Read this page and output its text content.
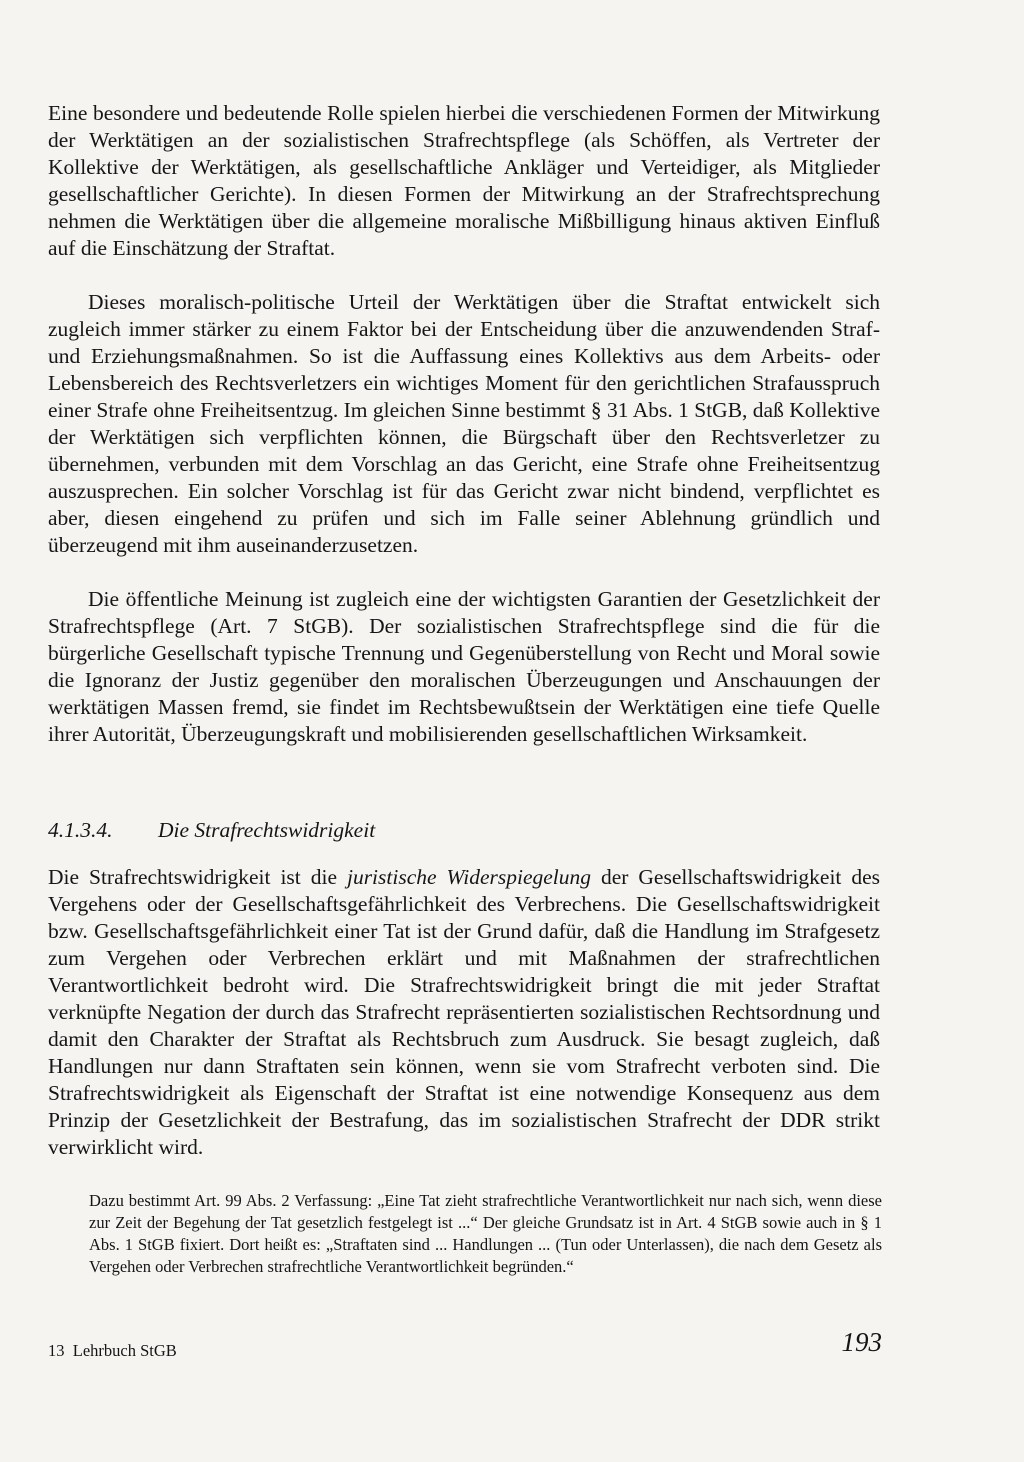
Eine besondere und bedeutende Rolle spielen hierbei die verschiedenen Formen der Mitwirkung der Werktätigen an der sozialistischen Strafrechtspflege (als Schöffen, als Vertreter der Kollektive der Werktätigen, als gesellschaftliche Ankläger und Verteidiger, als Mitglieder gesellschaftlicher Gerichte). In diesen Formen der Mitwirkung an der Strafrechtsprechung nehmen die Werktätigen über die allgemeine moralische Mißbilligung hinaus aktiven Einfluß auf die Einschätzung der Straftat.

Dieses moralisch-politische Urteil der Werktätigen über die Straftat entwickelt sich zugleich immer stärker zu einem Faktor bei der Entscheidung über die anzuwendenden Straf- und Erziehungsmaßnahmen. So ist die Auffassung eines Kollektivs aus dem Arbeits- oder Lebensbereich des Rechtsverletzers ein wichtiges Moment für den gerichtlichen Strafausspruch einer Strafe ohne Freiheitsentzug. Im gleichen Sinne bestimmt § 31 Abs. 1 StGB, daß Kollektive der Werktätigen sich verpflichten können, die Bürgschaft über den Rechtsverletzer zu übernehmen, verbunden mit dem Vorschlag an das Gericht, eine Strafe ohne Freiheitsentzug auszusprechen. Ein solcher Vorschlag ist für das Gericht zwar nicht bindend, verpflichtet es aber, diesen eingehend zu prüfen und sich im Falle seiner Ablehnung gründlich und überzeugend mit ihm auseinanderzusetzen.

Die öffentliche Meinung ist zugleich eine der wichtigsten Garantien der Gesetzlichkeit der Strafrechtspflege (Art. 7 StGB). Der sozialistischen Strafrechtspflege sind die für die bürgerliche Gesellschaft typische Trennung und Gegenüberstellung von Recht und Moral sowie die Ignoranz der Justiz gegenüber den moralischen Überzeugungen und Anschauungen der werktätigen Massen fremd, sie findet im Rechtsbewußtsein der Werktätigen eine tiefe Quelle ihrer Autorität, Überzeugungskraft und mobilisierenden gesellschaftlichen Wirksamkeit.

4.1.3.4. Die Strafrechtswidrigkeit

Die Strafrechtswidrigkeit ist die juristische Widerspiegelung der Gesellschaftswidrigkeit des Vergehens oder der Gesellschaftsgefährlichkeit des Verbrechens. Die Gesellschaftswidrigkeit bzw. Gesellschaftsgefährlichkeit einer Tat ist der Grund dafür, daß die Handlung im Strafgesetz zum Vergehen oder Verbrechen erklärt und mit Maßnahmen der strafrechtlichen Verantwortlichkeit bedroht wird. Die Strafrechtswidrigkeit bringt die mit jeder Straftat verknüpfte Negation der durch das Strafrecht repräsentierten sozialistischen Rechtsordnung und damit den Charakter der Straftat als Rechtsbruch zum Ausdruck. Sie besagt zugleich, daß Handlungen nur dann Straftaten sein können, wenn sie vom Strafrecht verboten sind. Die Strafrechtswidrigkeit als Eigenschaft der Straftat ist eine notwendige Konsequenz aus dem Prinzip der Gesetzlichkeit der Bestrafung, das im sozialistischen Strafrecht der DDR strikt verwirklicht wird.

Dazu bestimmt Art. 99 Abs. 2 Verfassung: „Eine Tat zieht strafrechtliche Verantwortlichkeit nur nach sich, wenn diese zur Zeit der Begehung der Tat gesetzlich festgelegt ist ...“ Der gleiche Grundsatz ist in Art. 4 StGB sowie auch in § 1 Abs. 1 StGB fixiert. Dort heißt es: „Straftaten sind ... Handlungen ... (Tun oder Unterlassen), die nach dem Gesetz als Vergehen oder Verbrechen strafrechtliche Verantwortlichkeit begründen.“

13  Lehrbuch StGB	193
